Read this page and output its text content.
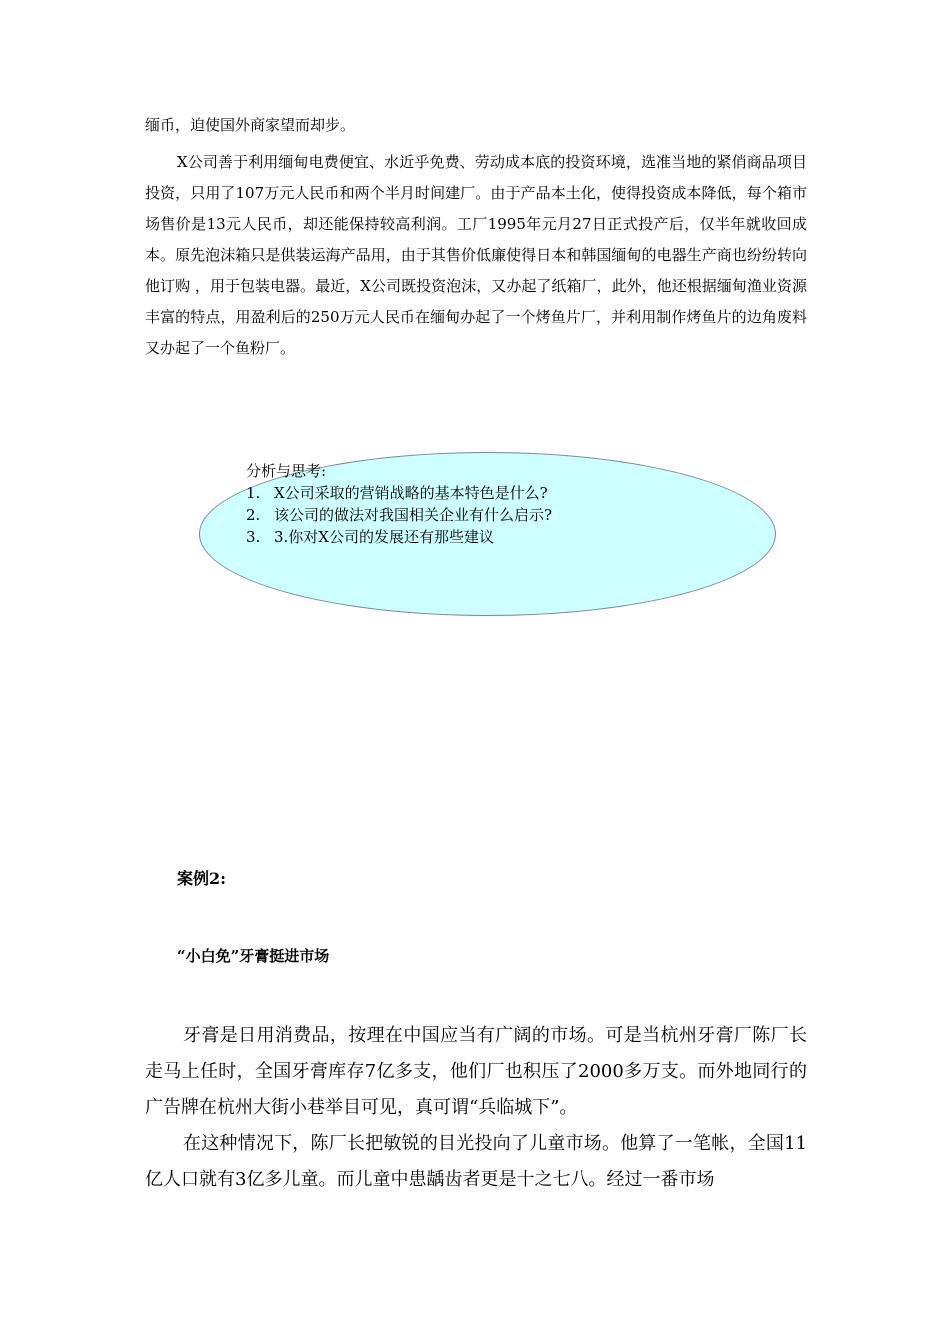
缅币，迫使国外商家望而却步。

X公司善于利用缅甸电费便宜、水近乎免费、劳动成本底的投资环境，选准当地的紧俏商品项目投资，只用了107万元人民币和两个半月时间建厂。由于产品本土化，使得投资成本降低，每个箱市场售价是13元人民币，却还能保持较高利润。工厂1995年元月27日正式投产后，仅半年就收回成本。原先泡沫箱只是供装运海产品用，由于其售价低廉使得日本和韩国缅甸的电器生产商也纷纷转向他订购 ，用于包装电器。最近，X公司既投资泡沫，又办起了纸箱厂，此外，他还根据缅甸渔业资源丰富的特点，用盈利后的250万元人民币在缅甸办起了一个烤鱼片厂，并利用制作烤鱼片的边角废料又办起了一个鱼粉厂。

分析与思考:

1. X公司采取的营销战略的基本特色是什么?
2. 该公司的做法对我国相关企业有什么启示?
3. 3.你对X公司的发展还有那些建议

案例2:

“小白免”牙膏挺进市场

牙膏是日用消费品，按理在中国应当有广阔的市场。可是当杭州牙膏厂陈厂长走马上任时，全国牙膏库存7亿多支，他们厂也积压了2000多万支。而外地同行的广告牌在杭州大街小巷举目可见，真可谓“兵临城下”。

在这种情况下，陈厂长把敏锐的目光投向了儿童市场。他算了一笔帐，全国11亿人口就有3亿多儿童。而儿童中患龋齿者更是十之七八。经过一番市场
